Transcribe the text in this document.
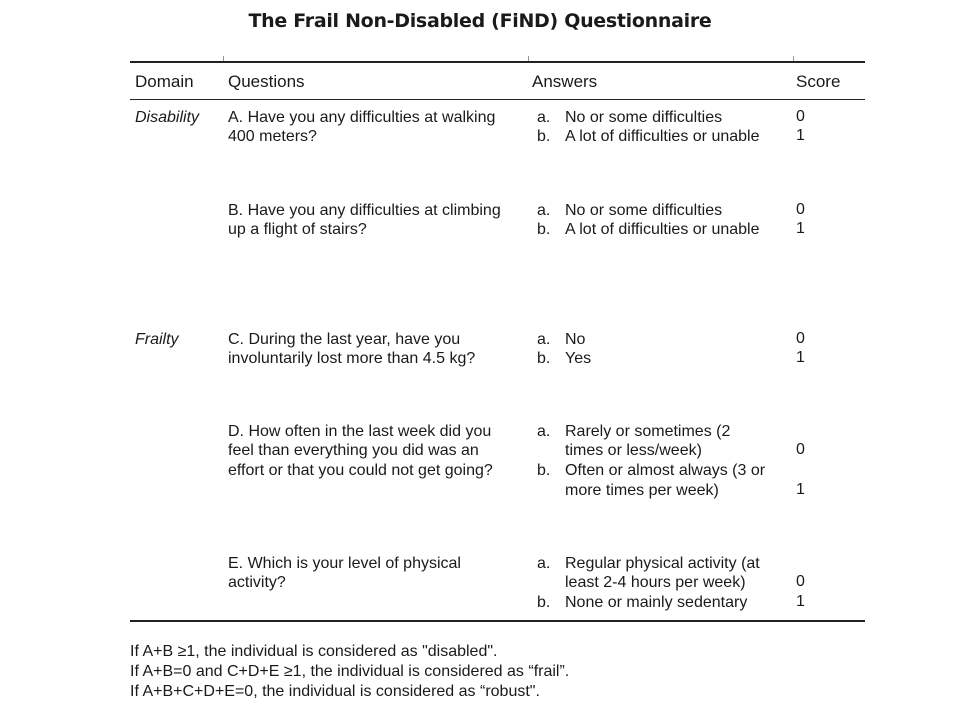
The Frail Non-Disabled (FiND) Questionnaire
Domain Questions	Answers	Score
Disability
Frailty
A. Have you any difficulties at walking
400 meters?
a. No or some difficulties
b. A lot of difficulties or unable
0
1
B. Have you any difficulties at climbing
up a flight of stairs?
a. No or some difficulties
b. A lot of difficulties or unable
0
1
C. During the last year, have you
involuntarily lost more than 4.5 kg?
a. No
b. Yes
0
1
D. How often in the last week did you
feel than everything you did was an
effort or that you could not get going?
a. Rarely or sometimes (2
times or less/week)
b. Often or almost always (3 or
more times per week)
0
1
E. Which is your level of physical
activity?
a. Regular physical activity (at
least 2-4 hours per week)
b. None or mainly sedentary
0
1
If A+B ≥1, the individual is considered as "disabled".
If A+B=0 and C+D+E ≥1, the individual is considered as “frail”.
If A+B+C+D+E=0, the individual is considered as “robust".
